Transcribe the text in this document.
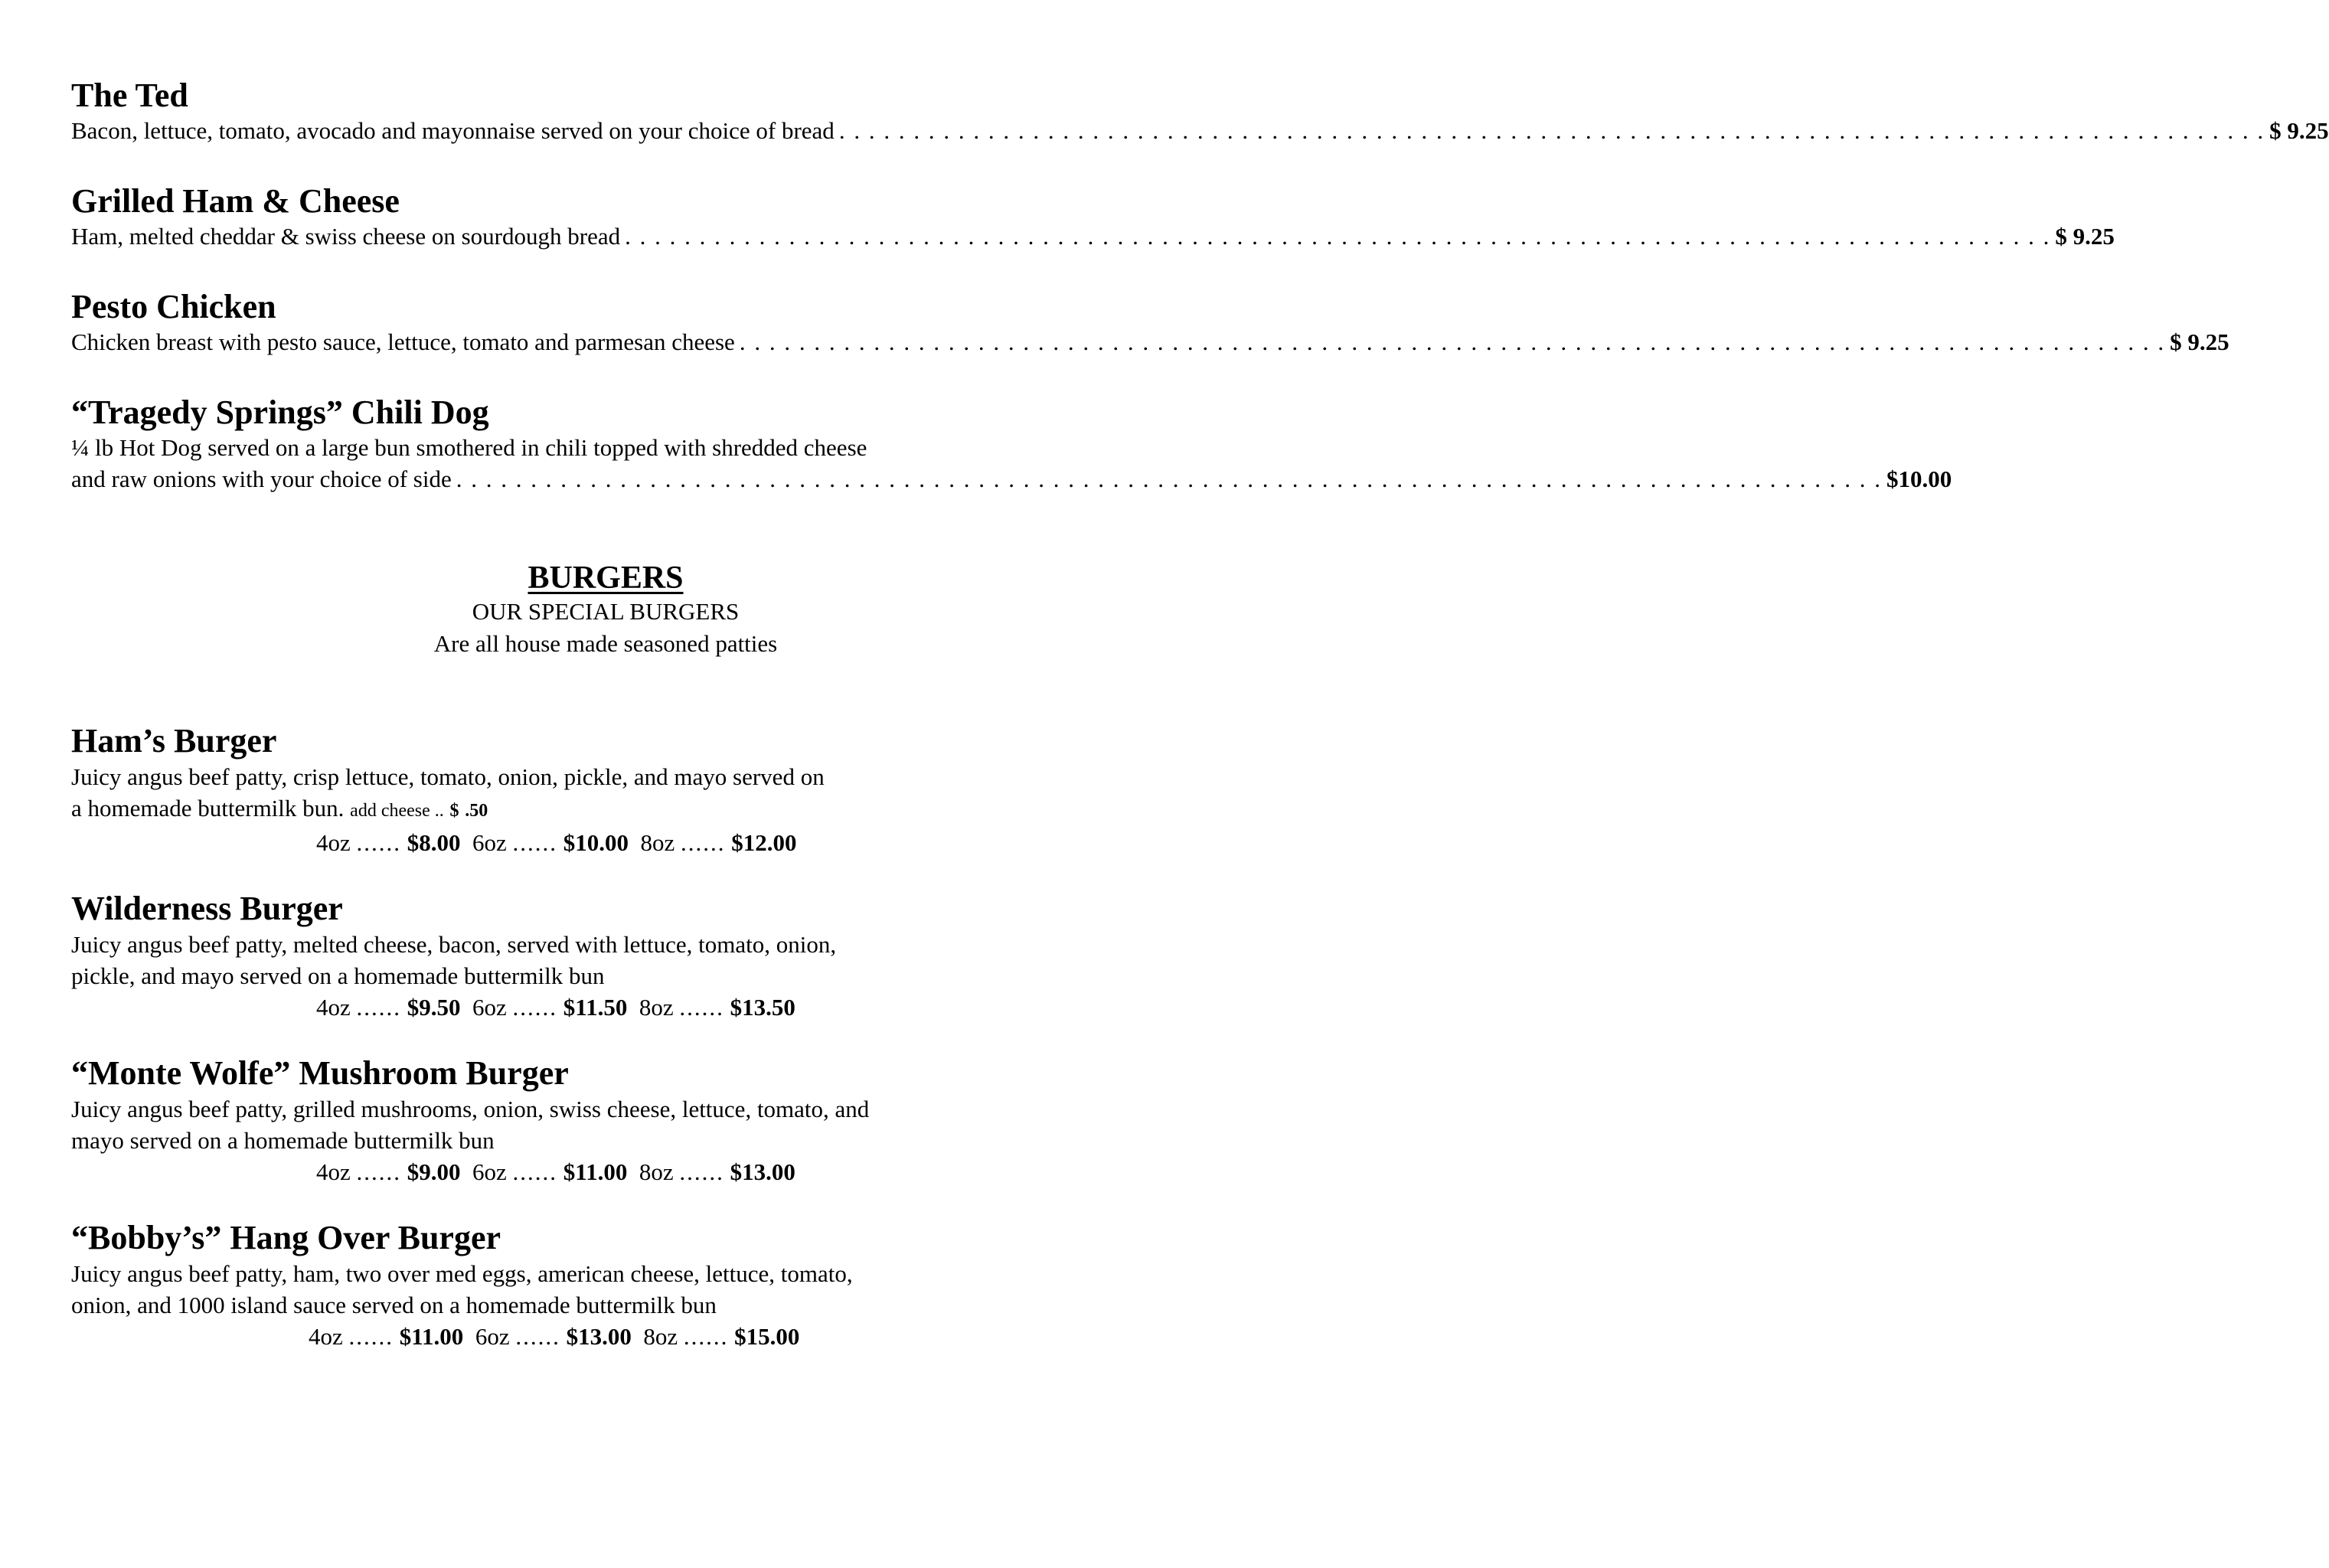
The Ted
Bacon, lettuce, tomato, avocado and mayonnaise served on your choice of bread . . . . . . . . . . . . . . . . . . . . . . . . . . . . . . . . . . . . . . . . . . . . . . . . . . . . . . . . . . . . . . . . . . . . . . . . . . . . . . . . . . . . . . . . . . . . . . . . $ 9.25
Grilled Ham & Cheese
Ham, melted cheddar & swiss cheese on sourdough bread . . . . . . . . . . . . . . . . . . . . . . . . . . . . . . . . . . . . . . . . . . . . . . . . . . . . . . . . . . . . . . . . . . . . . . . . . . . . . . . . . . . . . . . . . . . . . . . . $ 9.25
Pesto Chicken
Chicken breast with pesto sauce, lettuce, tomato and parmesan cheese . . . . . . . . . . . . . . . . . . . . . . . . . . . . . . . . . . . . . . . . . . . . . . . . . . . . . . . . . . . . . . . . . . . . . . . . . . . . . . . . . . . . . . . . . . . . . . . . $ 9.25
“Tragedy Springs” Chili Dog
¼ lb Hot Dog served on a large bun smothered in chili topped with shredded cheese
and raw onions with your choice of side . . . . . . . . . . . . . . . . . . . . . . . . . . . . . . . . . . . . . . . . . . . . . . . . . . . . . . . . . . . . . . . . . . . . . . . . . . . . . . . . . . . . . . . . . . . . . . . . $10.00
BURGERS
OUR SPECIAL BURGERS
Are all house made seasoned patties
Ham’s Burger
Juicy angus beef patty, crisp lettuce, tomato, onion, pickle, and mayo served on
a homemade buttermilk bun. add cheese .. $ .50
4oz ...... $8.00 6oz ...... $10.00 8oz ...... $12.00
Wilderness Burger
Juicy angus beef patty, melted cheese, bacon, served with lettuce, tomato, onion,
pickle, and mayo served on a homemade buttermilk bun
4oz ...... $9.50 6oz ...... $11.50 8oz ...... $13.50
“Monte Wolfe” Mushroom Burger
Juicy angus beef patty, grilled mushrooms, onion, swiss cheese, lettuce, tomato, and
mayo served on a homemade buttermilk bun
4oz ...... $9.00 6oz ...... $11.00 8oz ...... $13.00
“Bobby’s” Hang Over Burger
Juicy angus beef patty, ham, two over med eggs, american cheese, lettuce, tomato,
onion, and 1000 island sauce served on a homemade buttermilk bun
4oz ...... $11.00 6oz ...... $13.00 8oz ...... $15.00
